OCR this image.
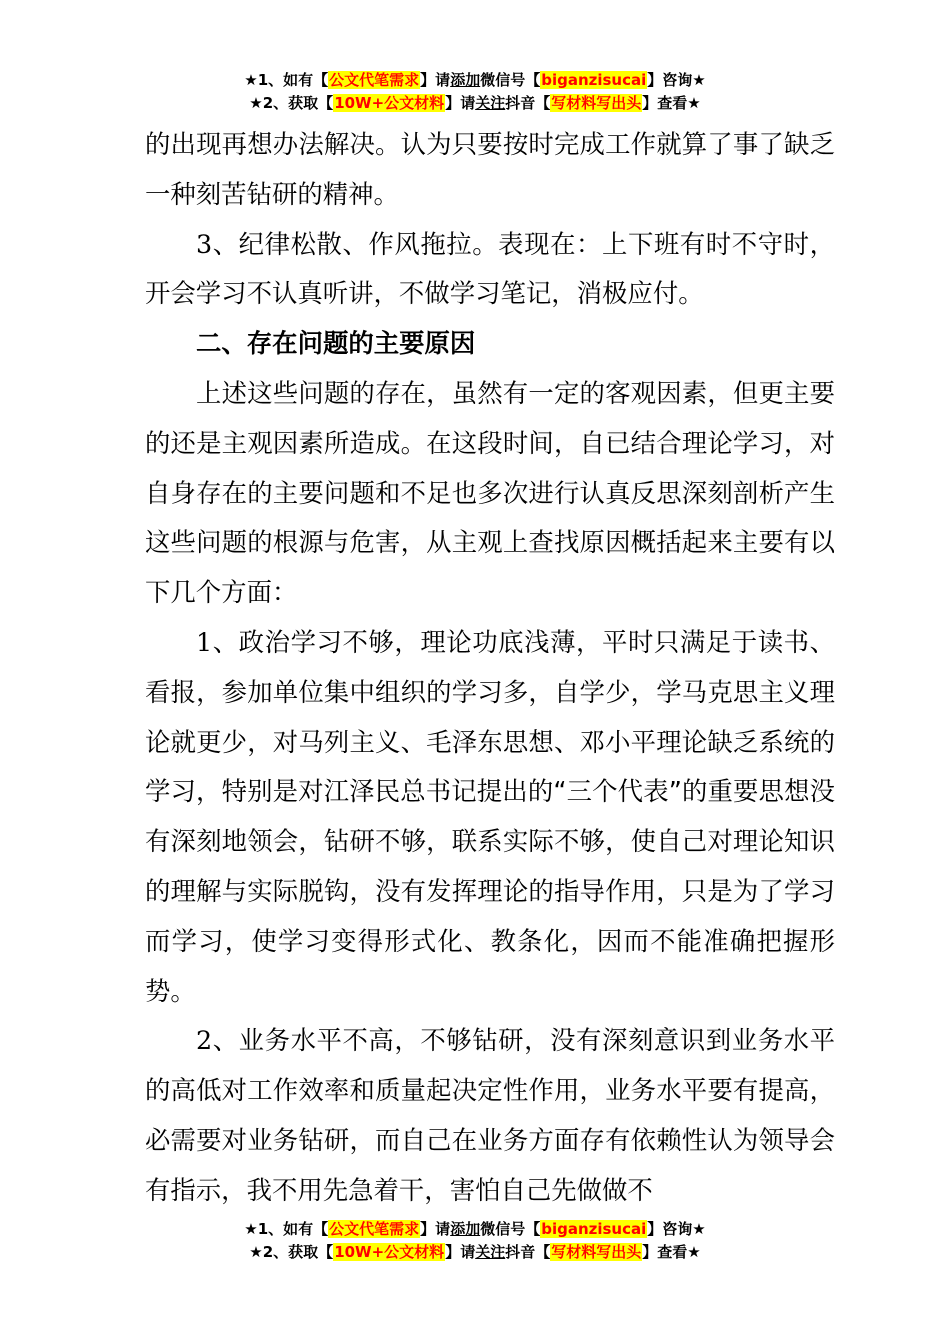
★1、如有【公文代笔需求】请添加微信号【biganzisucai】咨询★
★2、获取【10W+公文材料】请关注抖音【写材料写出头】查看★

的出现再想办法解决。认为只要按时完成工作就算了事了缺乏一种刻苦钻研的精神。

3、纪律松散、作风拖拉。表现在：上下班有时不守时，开会学习不认真听讲，不做学习笔记，消极应付。

二、存在问题的主要原因

上述这些问题的存在，虽然有一定的客观因素，但更主要的还是主观因素所造成。在这段时间，自已结合理论学习，对自身存在的主要问题和不足也多次进行认真反思深刻剖析产生这些问题的根源与危害，从主观上查找原因概括起来主要有以下几个方面：

1、政治学习不够，理论功底浅薄，平时只满足于读书、看报，参加单位集中组织的学习多，自学少，学马克思主义理论就更少，对马列主义、毛泽东思想、邓小平理论缺乏系统的学习，特别是对江泽民总书记提出的“三个代表”的重要思想没有深刻地领会，钻研不够，联系实际不够，使自己对理论知识的理解与实际脱钩，没有发挥理论的指导作用，只是为了学习而学习，使学习变得形式化、教条化，因而不能准确把握形势。

2、业务水平不高，不够钻研，没有深刻意识到业务水平的高低对工作效率和质量起决定性作用，业务水平要有提高，必需要对业务钻研，而自己在业务方面存有依赖性认为领导会有指示，我不用先急着干，害怕自己先做做不

★1、如有【公文代笔需求】请添加微信号【biganzisucai】咨询★
★2、获取【10W+公文材料】请关注抖音【写材料写出头】查看★
